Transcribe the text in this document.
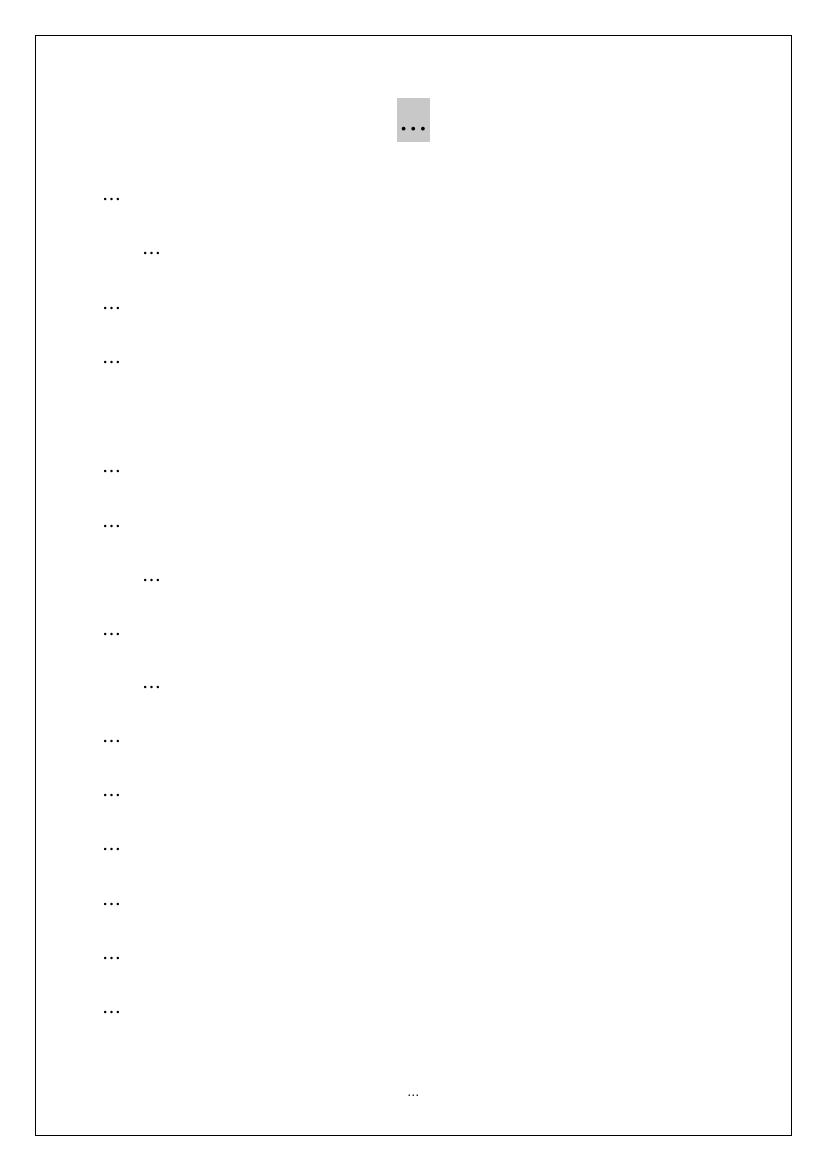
…
…
…
…
…
…
…
…
…
…
…
…
…
…
…
…
…
